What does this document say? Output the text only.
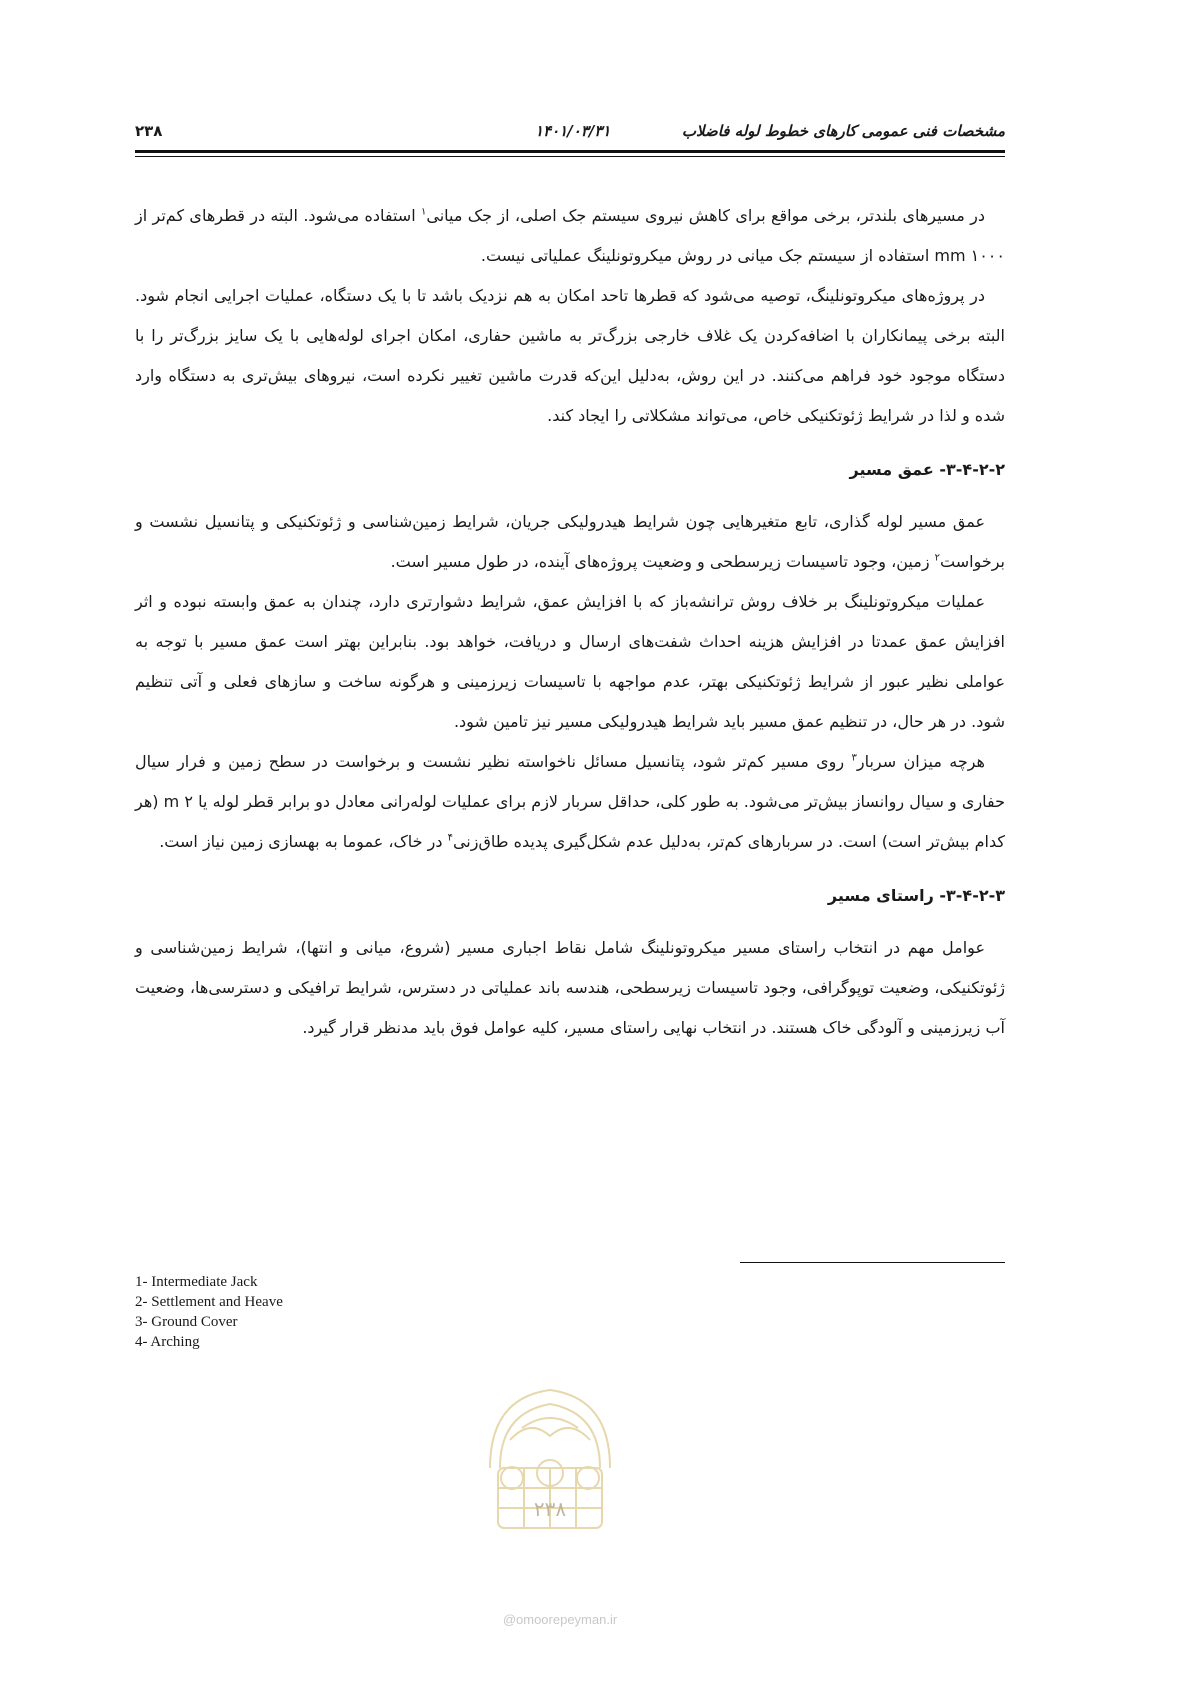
مشخصات فنی عمومی کارهای خطوط لوله فاضلاب
۱۴۰۱/۰۳/۳۱
۲۳۸

در مسیرهای بلندتر، برخی مواقع برای کاهش نیروی سیستم جک اصلی، از جک میانی$^۱$ استفاده می‌شود. البته در قطرهای کم‌تر از mm ۱۰۰۰ استفاده از سیستم جک میانی در روش میکروتونلینگ عملیاتی نیست.

در پروژه‌های میکروتونلینگ، توصیه می‌شود که قطرها تاحد امکان به هم نزدیک باشد تا با یک دستگاه، عملیات اجرایی انجام شود. البته برخی پیمانکاران با اضافه‌کردن یک غلاف خارجی بزرگ‌تر به ماشین حفاری، امکان اجرای لوله‌هایی با یک سایز بزرگ‌تر را با دستگاه موجود خود فراهم می‌کنند. در این روش، به‌دلیل این‌که قدرت ماشین تغییر نکرده است، نیروهای بیش‌تری به دستگاه وارد شده و لذا در شرایط ژئوتکنیکی خاص، می‌تواند مشکلاتی را ایجاد کند.

۳-۴-۲-۲- عمق مسیر

عمق مسیر لوله گذاری، تابع متغیرهایی چون شرایط هیدرولیکی جریان، شرایط زمین‌شناسی و ژئوتکنیکی و پتانسیل نشست و برخواست$^۲$ زمین، وجود تاسیسات زیرسطحی و وضعیت پروژه‌های آینده، در طول مسیر است.

عملیات میکروتونلینگ بر خلاف روش ترانشه‌باز که با افزایش عمق، شرایط دشوارتری دارد، چندان به عمق وابسته نبوده و اثر افزایش عمق عمدتا در افزایش هزینه احداث شفت‌های ارسال و دریافت، خواهد بود. بنابراین بهتر است عمق مسیر با توجه به عواملی نظیر عبور از شرایط ژئوتکنیکی بهتر، عدم مواجهه با تاسیسات زیرزمینی و هرگونه ساخت و سازهای فعلی و آتی تنظیم شود. در هر حال، در تنظیم عمق مسیر باید شرایط هیدرولیکی مسیر نیز تامین شود.

هرچه میزان سربار$^۳$ روی مسیر کم‌تر شود، پتانسیل مسائل ناخواسته نظیر نشست و برخواست در سطح زمین و فرار سیال حفاری و سیال روانساز بیش‌تر می‌شود. به طور کلی، حداقل سربار لازم برای عملیات لوله‌رانی معادل دو برابر قطر لوله یا m ۲ (هر کدام بیش‌تر است) است. در سربارهای کم‌تر، به‌دلیل عدم شکل‌گیری پدیده طاق‌زنی$^۴$ در خاک، عموما به بهسازی زمین نیاز است.

۳-۴-۲-۳- راستای مسیر

عوامل مهم در انتخاب راستای مسیر میکروتونلینگ شامل نقاط اجباری مسیر (شروع، میانی و انتها)، شرایط زمین‌شناسی و ژئوتکنیکی، وضعیت توپوگرافی، وجود تاسیسات زیرسطحی، هندسه باند عملیاتی در دسترس، شرایط ترافیکی و دسترسی‌ها، وضعیت آب زیرزمینی و آلودگی خاک هستند. در انتخاب نهایی راستای مسیر، کلیه عوامل فوق باید مدنظر قرار گیرد.

1- Intermediate Jack
2- Settlement and Heave
3- Ground Cover
4- Arching
۲۳۸
@omoorepeyman.ir
